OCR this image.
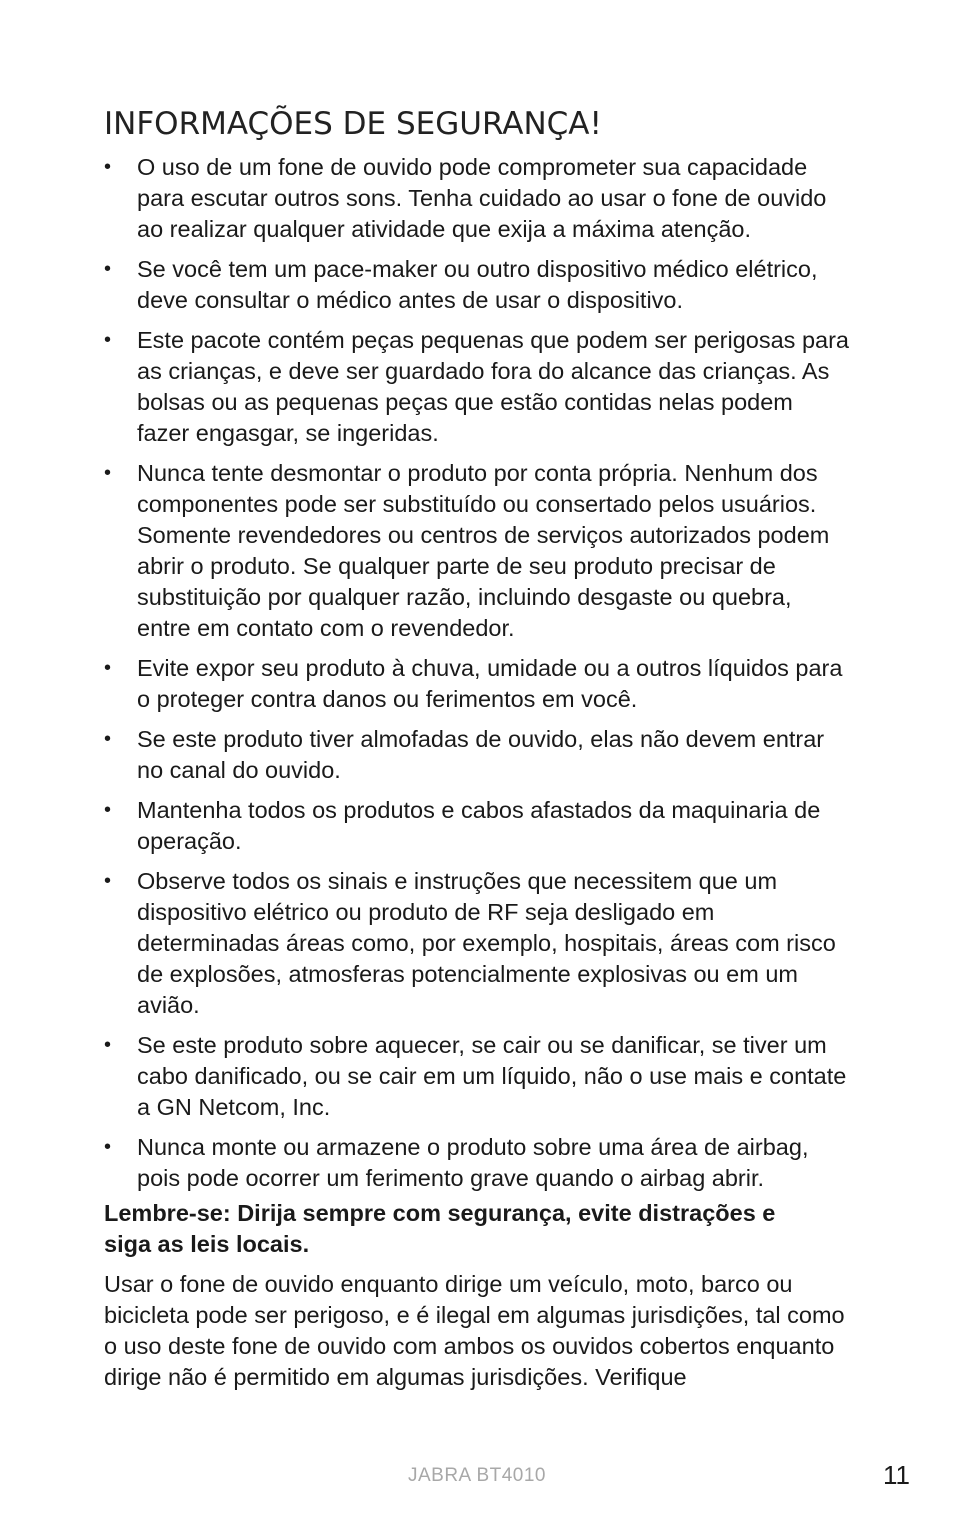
INFORMAÇÕES DE SEGURANÇA!
• O uso de um fone de ouvido pode comprometer sua capacidade para escutar outros sons. Tenha cuidado ao usar o fone de ouvido ao realizar qualquer atividade que exija a máxima atenção.
• Se você tem um pace-maker ou outro dispositivo médico elétrico, deve consultar o médico antes de usar o dispositivo.
• Este pacote contém peças pequenas que podem ser perigosas para as crianças, e deve ser guardado fora do alcance das crianças. As bolsas ou as pequenas peças que estão contidas nelas podem fazer engasgar, se ingeridas.
• Nunca tente desmontar o produto por conta própria. Nenhum dos componentes pode ser substituído ou consertado pelos usuários. Somente revendedores ou centros de serviços autorizados podem abrir o produto. Se qualquer parte de seu produto precisar de substituição por qualquer razão, incluindo desgaste ou quebra, entre em contato com o revendedor.
• Evite expor seu produto à chuva, umidade ou a outros líquidos para o proteger contra danos ou ferimentos em você.
• Se este produto tiver almofadas de ouvido, elas não devem entrar no canal do ouvido.
• Mantenha todos os produtos e cabos afastados da maquinaria de operação.
• Observe todos os sinais e instruções que necessitem que um dispositivo elétrico ou produto de RF seja desligado em determinadas áreas como, por exemplo, hospitais, áreas com risco de explosões, atmosferas potencialmente explosivas ou em um avião.
• Se este produto sobre aquecer, se cair ou se danificar, se tiver um cabo danificado, ou se cair em um líquido, não o use mais e contate a GN Netcom, Inc.
• Nunca monte ou armazene o produto sobre uma área de airbag, pois pode ocorrer um ferimento grave quando o airbag abrir.

Lembre-se: Dirija sempre com segurança, evite distrações e siga as leis locais.

Usar o fone de ouvido enquanto dirige um veículo, moto, barco ou bicicleta pode ser perigoso, e é ilegal em algumas jurisdições, tal como o uso deste fone de ouvido com ambos os ouvidos cobertos enquanto dirige não é permitido em algumas jurisdições. Verifique

JABRA BT4010	11
